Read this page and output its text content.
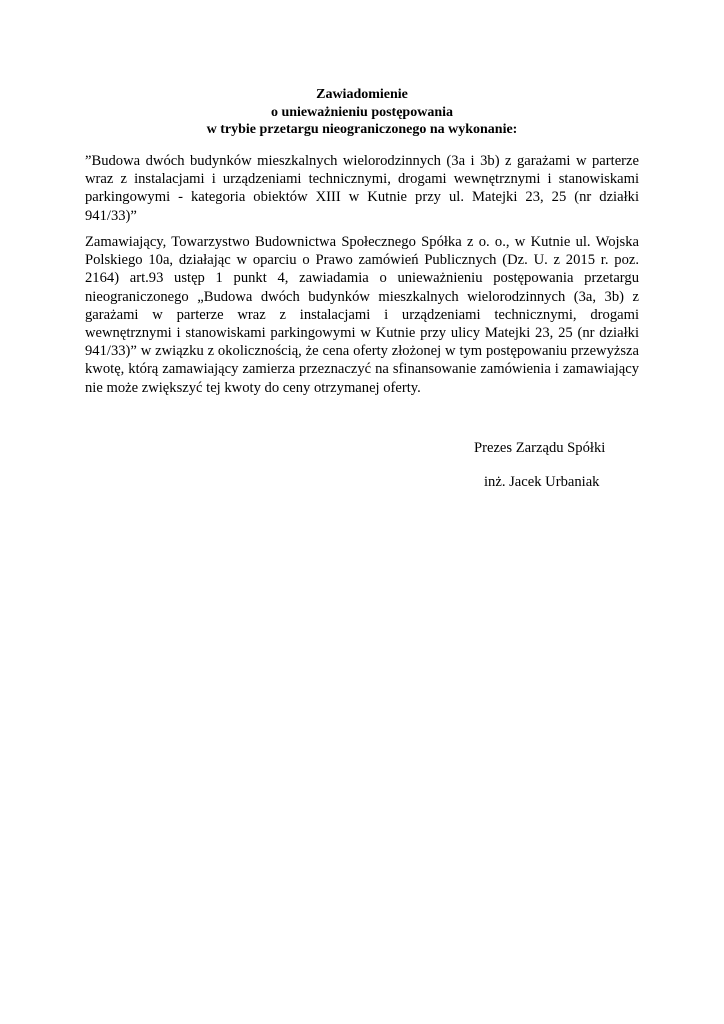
Zawiadomienie
o unieważnieniu postępowania
w trybie przetargu nieograniczonego na wykonanie:
”Budowa dwóch budynków mieszkalnych wielorodzinnych (3a i 3b) z garażami w parterze
wraz z instalacjami i urządzeniami technicznymi, drogami wewnętrznymi i stanowiskami
parkingowymi - kategoria obiektów XIII w Kutnie przy ul. Matejki 23, 25 (nr działki
941/33)”
Zamawiający, Towarzystwo Budownictwa Społecznego Spółka z o. o., w Kutnie ul. Wojska
Polskiego 10a, działając w oparciu o Prawo zamówień Publicznych (Dz. U. z 2015 r. poz.
2164) art.93 ustęp 1 punkt 4, zawiadamia o unieważnieniu postępowania przetargu
nieograniczonego „Budowa dwóch budynków mieszkalnych wielorodzinnych (3a, 3b) z
garażami w parterze wraz z instalacjami i urządzeniami technicznymi, drogami
wewnętrznymi i stanowiskami parkingowymi w Kutnie przy ulicy Matejki 23, 25 (nr działki
941/33)” w związku z okolicznością, że cena oferty złożonej w tym postępowaniu przewyższa
kwotę, którą zamawiający zamierza przeznaczyć na sfinansowanie zamówienia i zamawiający
nie może zwiększyć tej kwoty do ceny otrzymanej oferty.
Prezes Zarządu Spółki
inż. Jacek Urbaniak
